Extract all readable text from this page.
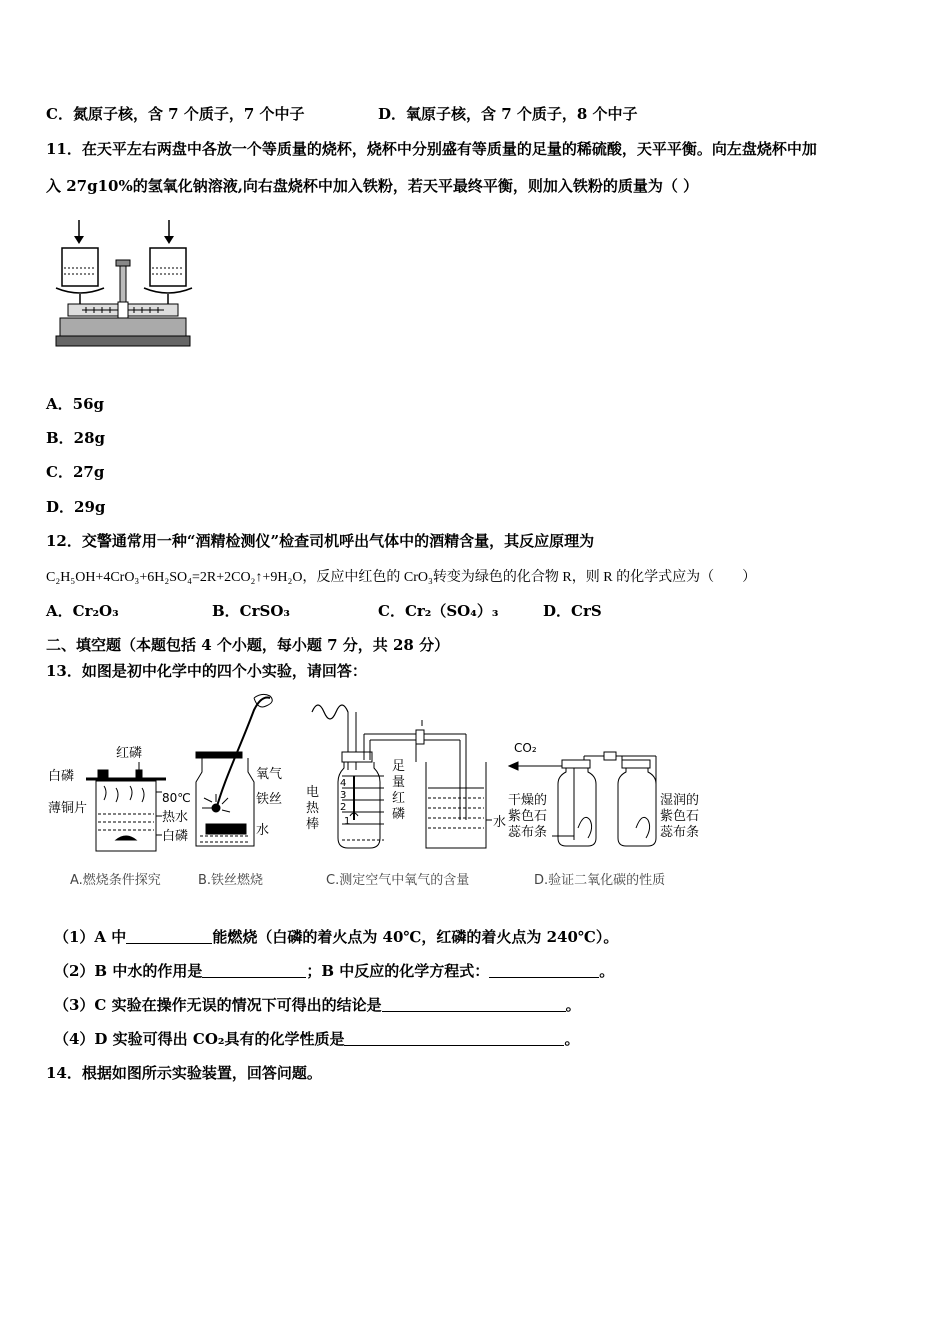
C．氮原子核，含 7 个质子，7 个中子	D．氧原子核，含 7 个质子，8 个中子
11．在天平左右两盘中各放一个等质量的烧杯，烧杯中分别盛有等质量的足量的稀硫酸，天平平衡。向左盘烧杯中加
入 27g10%的氢氧化钠溶液,向右盘烧杯中加入铁粉，若天平最终平衡，则加入铁粉的质量为（ ）
A．56g
B．28g
C．27g
D．29g
12．交警通常用一种“酒精检测仪”检查司机呼出气体中的酒精含量，其反应原理为
C₂H₅OH+4CrO₃+6H₂SO₄=2R+2CO₂↑+9H₂O，反应中红色的 CrO₃转变为绿色的化合物 R，则 R 的化学式应为（　　）
A．Cr₂O₃	B．CrSO₃	C．Cr₂（SO₄）₃	D．CrS
二、填空题（本题包括 4 个小题，每小题 7 分，共 28 分）
13．如图是初中化学中的四个小实验，请回答：
红磷
白磷
薄铜片
80℃
热水
白磷
氧气
铁丝
水
电
热
棒
4
3
2
1
足
量
红
磷
水
CO₂
干燥的
紫色石
蕊布条
湿润的
紫色石
蕊布条
A.燃烧条件探究	B.铁丝燃烧	C.测定空气中氧气的含量	D.验证二氧化碳的性质
（1）A 中	能燃烧（白磷的着火点为 40℃，红磷的着火点为 240℃）。
（2）B 中水的作用是	；B 中反应的化学方程式：	。
（3）C 实验在操作无误的情况下可得出的结论是	。
（4）D 实验可得出 CO₂具有的化学性质是	。
14．根据如图所示实验装置，回答问题。
